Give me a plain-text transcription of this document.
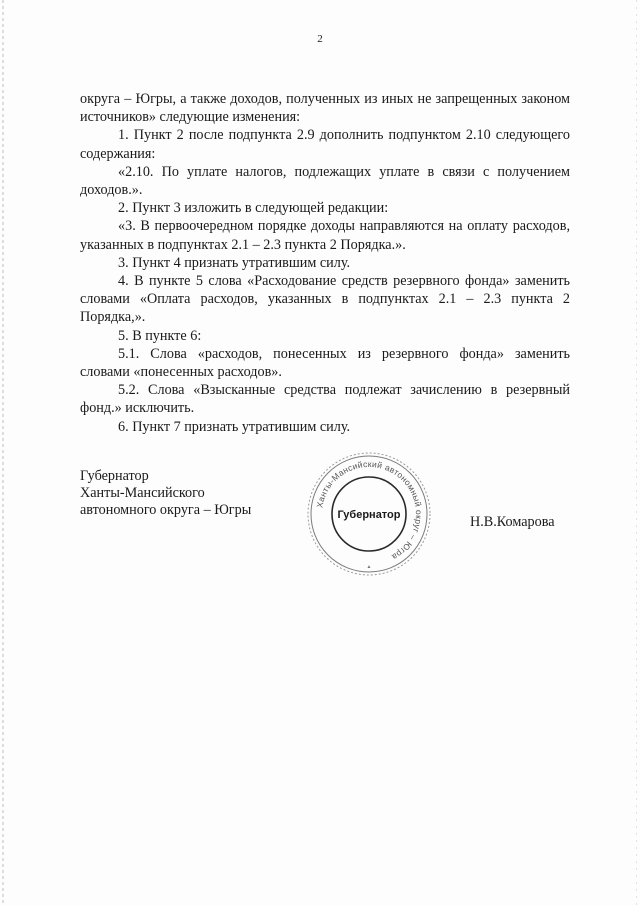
2

округа – Югры, а также доходов, полученных из иных не запрещенных законом источников» следующие изменения:

1. Пункт 2 после подпункта 2.9 дополнить подпунктом 2.10 следующего содержания:

«2.10. По уплате налогов, подлежащих уплате в связи с получением доходов.».

2. Пункт 3 изложить в следующей редакции:

«3. В первоочередном порядке доходы направляются на оплату расходов, указанных в подпунктах 2.1 – 2.3 пункта 2 Порядка.».

3. Пункт 4 признать утратившим силу.

4. В пункте 5 слова «Расходование средств резервного фонда» заменить словами «Оплата расходов, указанных в подпунктах 2.1 – 2.3 пункта 2 Порядка,».

5. В пункте 6:

5.1. Слова «расходов, понесенных из резервного фонда» заменить словами «понесенных расходов».

5.2. Слова «Взысканные средства подлежат зачислению в резервный фонд.» исключить.

6. Пункт 7 признать утратившим силу.

Губернатор
Ханты-Мансийского
автономного округа – Югры	Ханты-Мансийский автономный округ – Югра
Губернатор
▲
Н.В.Комарова
